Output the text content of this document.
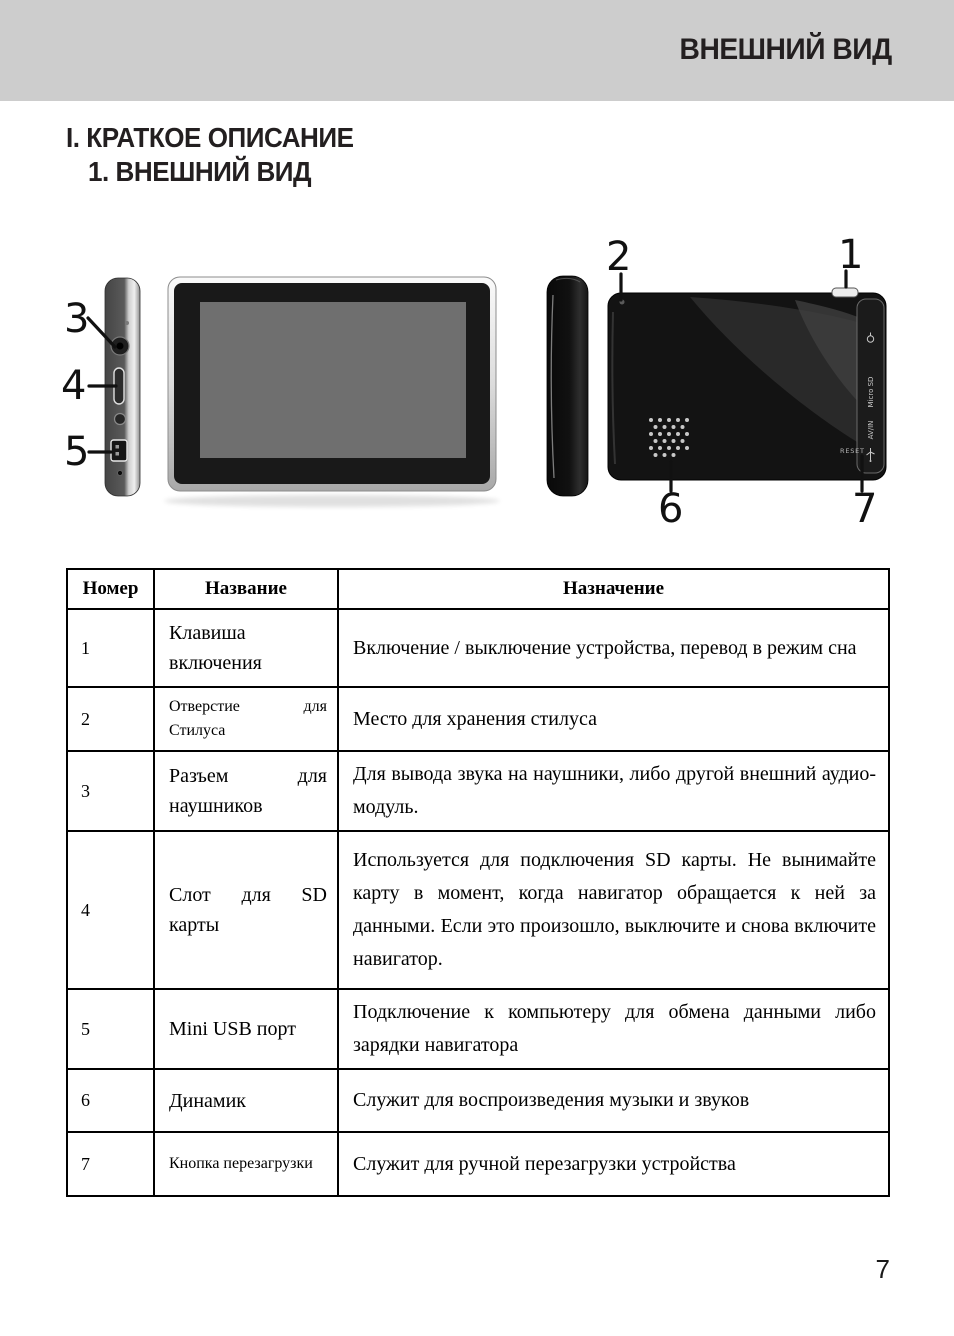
ВНЕШНИЙ ВИД
I. КРАТКОЕ ОПИСАНИЕ
1. ВНЕШНИЙ ВИД
3
4
5
Micro SD
AV/IN
RESET
2	1
6	7
Номер	Название	Назначение
1	Клавиша включения	Включение / выключение устройства, перевод в режим сна
2	Отверстие для Стилуса	Место для хранения стилуса
3	Разъем для наушников	Для вывода звука на наушники, либо другой внешний аудио-модуль.
4	Слот для SD карты	Используется для подключения SD карты. Не вынимайте карту в момент, когда навигатор обращается к ней за данными. Если это произошло, выключите и снова включите навигатор.
5	Mini USB порт	Подключение к компьютеру для обмена данными либо зарядки навигатора
6	Динамик	Служит для воспроизведения музыки и звуков
7	Кнопка перезагрузки	Служит для ручной перезагрузки устройства
7
